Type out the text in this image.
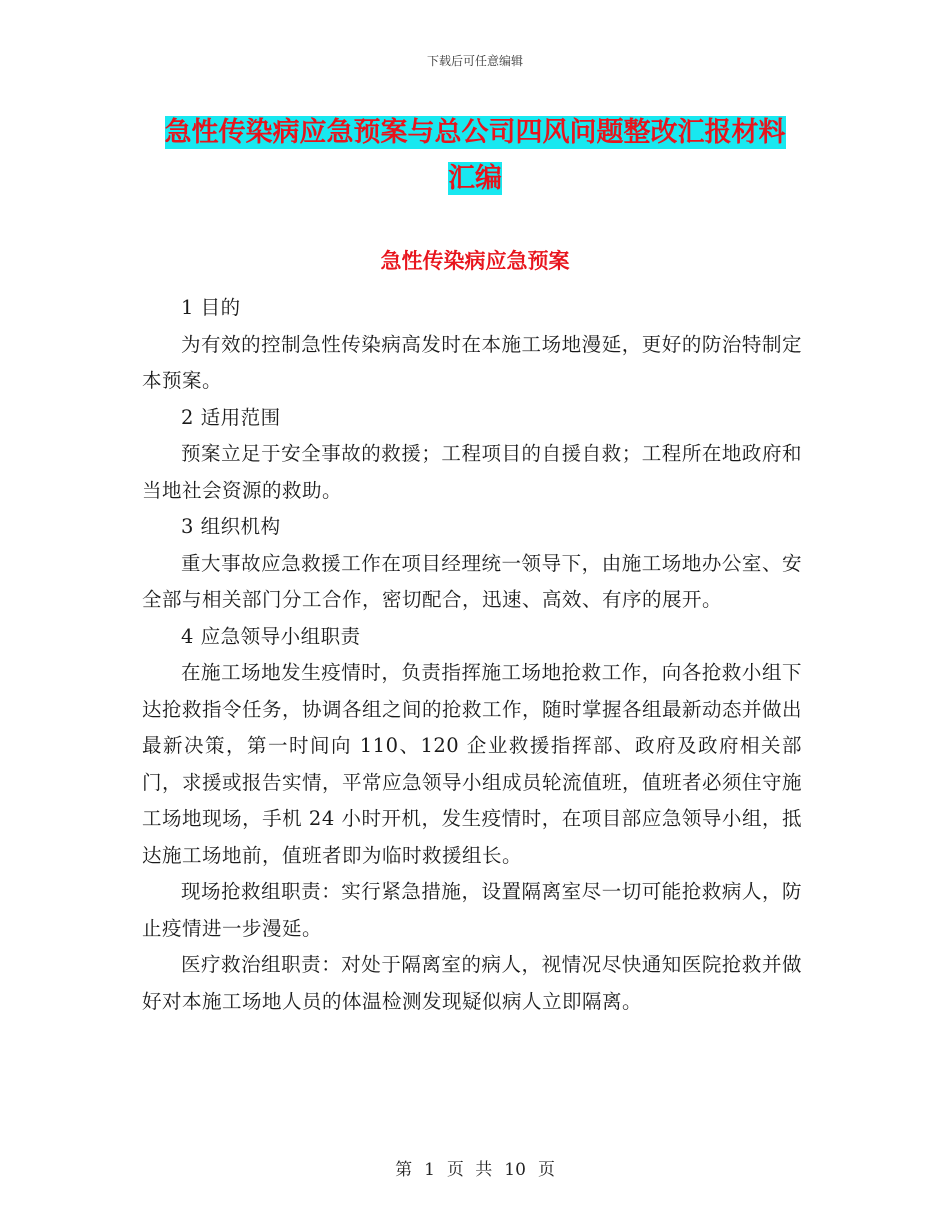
下载后可任意编辑
急性传染病应急预案与总公司四风问题整改汇报材料
汇编
急性传染病应急预案

1 目的

为有效的控制急性传染病高发时在本施工场地漫延，更好的防治特制定本预案。

2 适用范围

预案立足于安全事故的救援；工程项目的自援自救；工程所在地政府和当地社会资源的救助。

3 组织机构

重大事故应急救援工作在项目经理统一领导下，由施工场地办公室、安全部与相关部门分工合作，密切配合，迅速、高效、有序的展开。

4 应急领导小组职责

在施工场地发生疫情时，负责指挥施工场地抢救工作，向各抢救小组下达抢救指令任务，协调各组之间的抢救工作，随时掌握各组最新动态并做出最新决策，第一时间向 110、120 企业救援指挥部、政府及政府相关部门，求援或报告实情，平常应急领导小组成员轮流值班，值班者必须住守施工场地现场，手机 24 小时开机，发生疫情时，在项目部应急领导小组，抵达施工场地前，值班者即为临时救援组长。

现场抢救组职责：实行紧急措施，设置隔离室尽一切可能抢救病人，防止疫情进一步漫延。

医疗救治组职责：对处于隔离室的病人，视情况尽快通知医院抢救并做好对本施工场地人员的体温检测发现疑似病人立即隔离。

第 1 页 共 10 页
